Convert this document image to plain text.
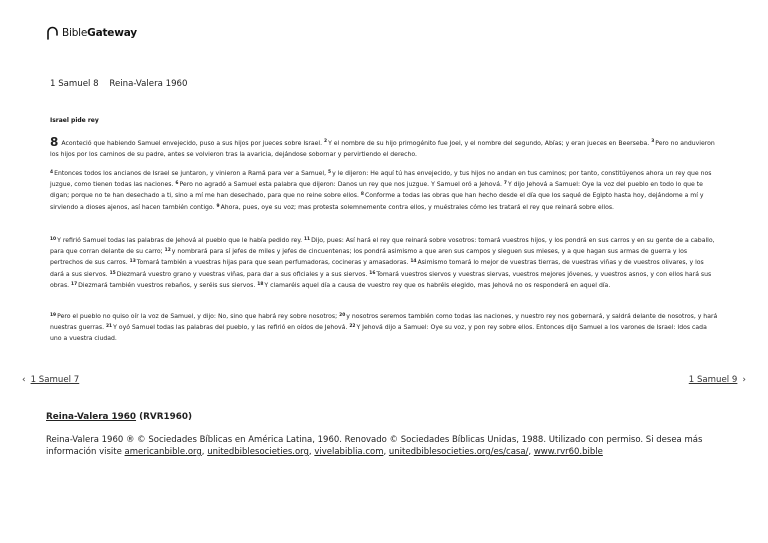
BibleGateway
1 Samuel 8 Reina-Valera 1960
Israel pide rey
8 Aconteció que habiendo Samuel envejecido, puso a sus hijos por jueces sobre Israel. $^2$Y el nombre de su hijo primogénito fue Joel, y el nombre del segundo, Abías; y eran jueces en Beerseba. $^3$Pero no anduvieron los hijos por los caminos de su padre, antes se volvieron tras la avaricia, dejándose sobornar y pervirtiendo el derecho.
$^4$Entonces todos los ancianos de Israel se juntaron, y vinieron a Ramá para ver a Samuel, $^5$y le dijeron: He aquí tú has envejecido, y tus hijos no andan en tus caminos; por tanto, constitúyenos ahora un rey que nos juzgue, como tienen todas las naciones. $^6$Pero no agradó a Samuel esta palabra que dijeron: Danos un rey que nos juzgue. Y Samuel oró a Jehová. $^7$Y dijo Jehová a Samuel: Oye la voz del pueblo en todo lo que te digan; porque no te han desechado a ti, sino a mí me han desechado, para que no reine sobre ellos. $^8$Conforme a todas las obras que han hecho desde el día que los saqué de Egipto hasta hoy, dejándome a mí y sirviendo a dioses ajenos, así hacen también contigo. $^9$Ahora, pues, oye su voz; mas protesta solemnemente contra ellos, y muéstrales cómo les tratará el rey que reinará sobre ellos.
$^{10}$Y refirió Samuel todas las palabras de Jehová al pueblo que le había pedido rey. $^{11}$Dijo, pues: Así hará el rey que reinará sobre vosotros: tomará vuestros hijos, y los pondrá en sus carros y en su gente de a caballo, para que corran delante de su carro; $^{12}$y nombrará para sí jefes de miles y jefes de cincuentenas; los pondrá asimismo a que aren sus campos y sieguen sus mieses, y a que hagan sus armas de guerra y los pertrechos de sus carros. $^{13}$Tomará también a vuestras hijas para que sean perfumadoras, cocineras y amasadoras. $^{14}$Asimismo tomará lo mejor de vuestras tierras, de vuestras viñas y de vuestros olivares, y los dará a sus siervos. $^{15}$Diezmará vuestro grano y vuestras viñas, para dar a sus oficiales y a sus siervos. $^{16}$Tomará vuestros siervos y vuestras siervas, vuestros mejores jóvenes, y vuestros asnos, y con ellos hará sus obras. $^{17}$Diezmará también vuestros rebaños, y seréis sus siervos. $^{18}$Y clamaréis aquel día a causa de vuestro rey que os habréis elegido, mas Jehová no os responderá en aquel día.
$^{19}$Pero el pueblo no quiso oír la voz de Samuel, y dijo: No, sino que habrá rey sobre nosotros; $^{20}$y nosotros seremos también como todas las naciones, y nuestro rey nos gobernará, y saldrá delante de nosotros, y hará nuestras guerras. $^{21}$Y oyó Samuel todas las palabras del pueblo, y las refirió en oídos de Jehová. $^{22}$Y Jehová dijo a Samuel: Oye su voz, y pon rey sobre ellos. Entonces dijo Samuel a los varones de Israel: Idos cada uno a vuestra ciudad.
‹ 1 Samuel 7	1 Samuel 9 ›
Reina-Valera 1960 (RVR1960)
Reina-Valera 1960 ® © Sociedades Bíblicas en América Latina, 1960. Renovado © Sociedades Bíblicas Unidas, 1988. Utilizado con permiso. Si desea más información visite americanbible.org, unitedbiblesocieties.org, vivelabiblia.com, unitedbiblesocieties.org/es/casa/, www.rvr60.bible
